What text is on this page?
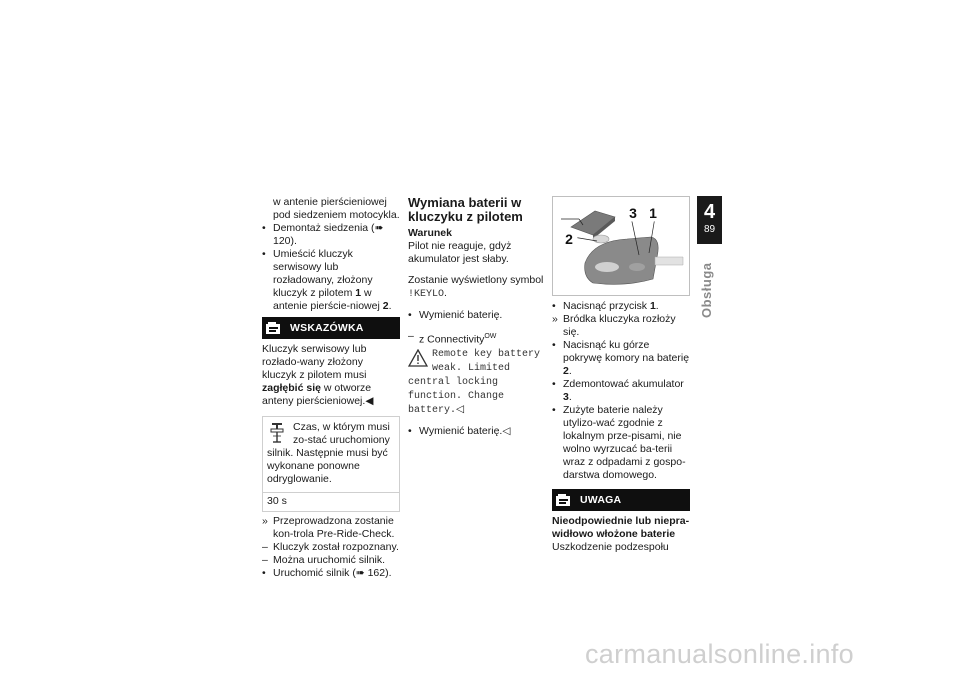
w antenie pierścieniowej pod siedzeniem motocykla.

• Demontaż siedzenia (➠ 120).
• Umieścić kluczyk serwisowy lub rozładowany, złożony kluczyk z pilotem 1 w antenie pierście-niowej 2.
WSKAZÓWKA

Kluczyk serwisowy lub rozłado-wany złożony kluczyk z pilotem musi zagłębić się w otworze anteny pierścieniowej.◀

Czas, w którym musi zo-stać uruchomiony silnik. Następnie musi być wykonane ponowne odryglowanie.
30 s
» Przeprowadzona zostanie kon-trola Pre-Ride-Check.
– Kluczyk został rozpoznany.
– Można uruchomić silnik.
• Uruchomić silnik (➠ 162).
Wymiana baterii w kluczyku z pilotem

Warunek

Pilot nie reaguje, gdyż akumulator jest słaby.

Zostanie wyświetlony symbol

!KEYLO.

• Wymienić baterię.
– z Connectivity$^{OW}$
Remote key battery weak. Limited central locking function. Change battery.◁
• Wymienić baterię.◁
2
3 1
• Nacisnąć przycisk 1.
» Bródka kluczyka rozłoży się.
• Nacisnąć ku górze pokrywę komory na baterię 2.
• Zdemontować akumulator 3.
• Zużyte baterie należy utylizo-wać zgodnie z lokalnym prze-pisami, nie wolno wyrzucać ba-terii wraz z odpadami z gospo-darstwa domowego.
UWAGA

Nieodpowiednie lub niepra-widłowo włożone baterie

Uszkodzenie podzespołu

4
89
Obsługa
carmanualsonline.info
